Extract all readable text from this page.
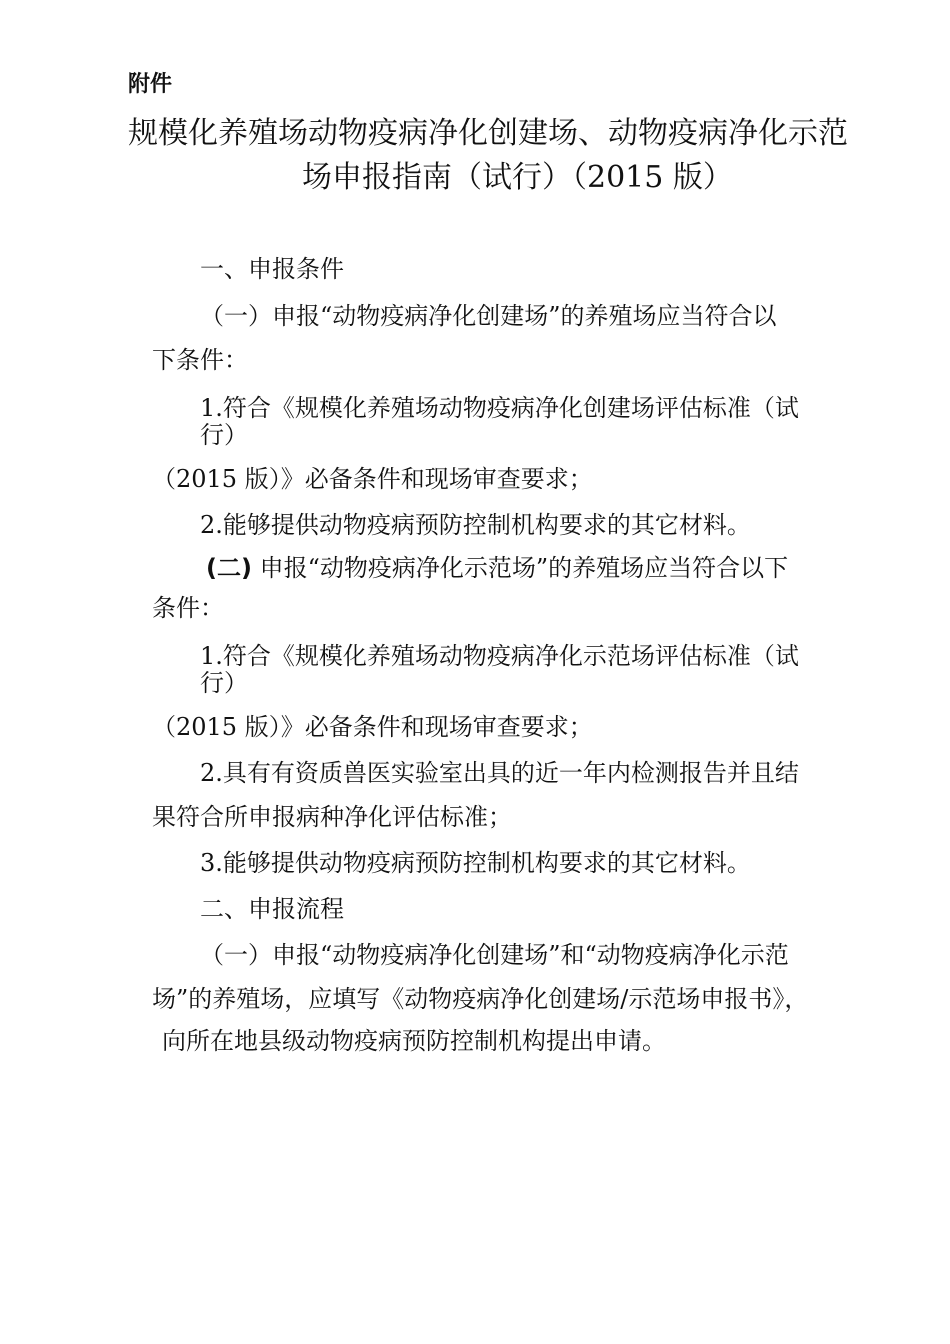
附件
规模化养殖场动物疫病净化创建场、动物疫病净化示范
场申报指南（试行）（2015 版）
一、申报条件
（一）申报“动物疫病净化创建场”的养殖场应当符合以
下条件：
1.符合《规模化养殖场动物疫病净化创建场评估标准（试
行）
（2015 版）》必备条件和现场审查要求；
2.能够提供动物疫病预防控制机构要求的其它材料。
(二) 申报“动物疫病净化示范场”的养殖场应当符合以下
条件：
1.符合《规模化养殖场动物疫病净化示范场评估标准（试
行）
（2015 版）》必备条件和现场审查要求；
2.具有有资质兽医实验室出具的近一年内检测报告并且结
果符合所申报病种净化评估标准；
3.能够提供动物疫病预防控制机构要求的其它材料。
二、申报流程
（一）申报“动物疫病净化创建场”和“动物疫病净化示范
场”的养殖场，应填写《动物疫病净化创建场/示范场申报书》，
向所在地县级动物疫病预防控制机构提出申请。
